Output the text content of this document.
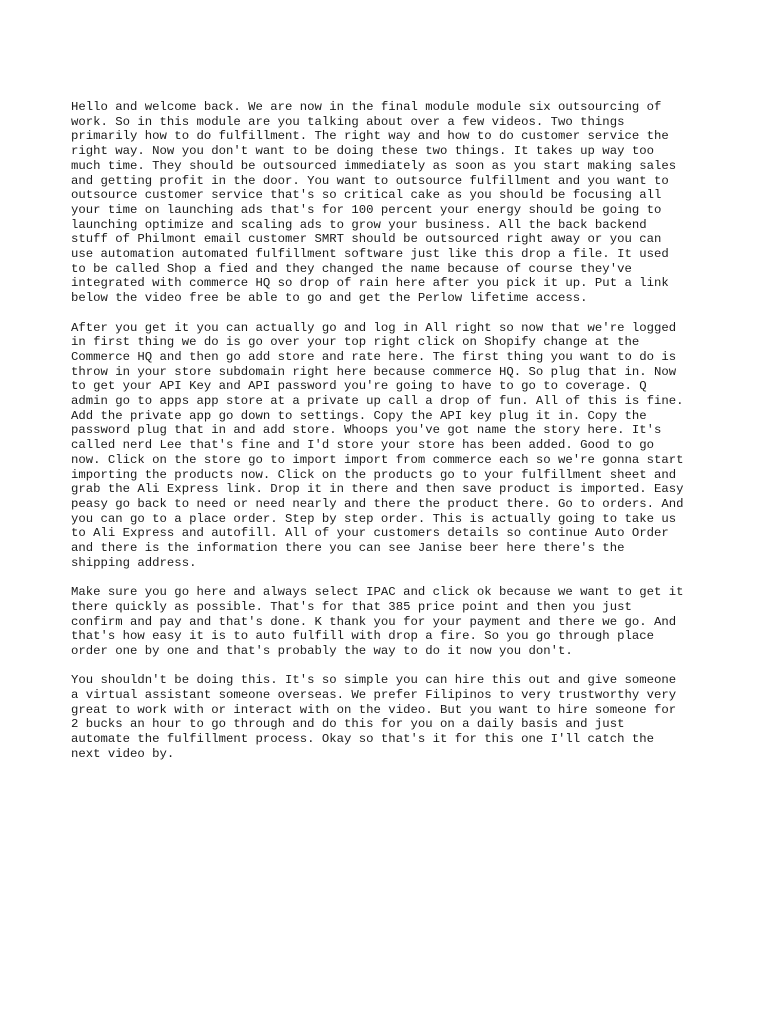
Hello and welcome back. We are now in the final module module six outsourcing of
work. So in this module are you talking about over a few videos. Two things
primarily how to do fulfillment. The right way and how to do customer service the
right way. Now you don't want to be doing these two things. It takes up way too
much time. They should be outsourced immediately as soon as you start making sales
and getting profit in the door. You want to outsource fulfillment and you want to
outsource customer service that's so critical cake as you should be focusing all
your time on launching ads that's for 100 percent your energy should be going to
launching optimize and scaling ads to grow your business. All the back backend
stuff of Philmont email customer SMRT should be outsourced right away or you can
use automation automated fulfillment software just like this drop a file. It used
to be called Shop a fied and they changed the name because of course they've
integrated with commerce HQ so drop of rain here after you pick it up. Put a link
below the video free be able to go and get the Perlow lifetime access.

After you get it you can actually go and log in All right so now that we're logged
in first thing we do is go over your top right click on Shopify change at the
Commerce HQ and then go add store and rate here. The first thing you want to do is
throw in your store subdomain right here because commerce HQ. So plug that in. Now
to get your API Key and API password you're going to have to go to coverage. Q
admin go to apps app store at a private up call a drop of fun. All of this is fine.
Add the private app go down to settings. Copy the API key plug it in. Copy the
password plug that in and add store. Whoops you've got name the story here. It's
called nerd Lee that's fine and I'd store your store has been added. Good to go
now. Click on the store go to import import from commerce each so we're gonna start
importing the products now. Click on the products go to your fulfillment sheet and
grab the Ali Express link. Drop it in there and then save product is imported. Easy
peasy go back to need or need nearly and there the product there. Go to orders. And
you can go to a place order. Step by step order. This is actually going to take us
to Ali Express and autofill. All of your customers details so continue Auto Order
and there is the information there you can see Janise beer here there's the
shipping address.

Make sure you go here and always select IPAC and click ok because we want to get it
there quickly as possible. That's for that 385 price point and then you just
confirm and pay and that's done. K thank you for your payment and there we go. And
that's how easy it is to auto fulfill with drop a fire. So you go through place
order one by one and that's probably the way to do it now you don't.

You shouldn't be doing this. It's so simple you can hire this out and give someone
a virtual assistant someone overseas. We prefer Filipinos to very trustworthy very
great to work with or interact with on the video. But you want to hire someone for
2 bucks an hour to go through and do this for you on a daily basis and just
automate the fulfillment process. Okay so that's it for this one I'll catch the
next video by.
